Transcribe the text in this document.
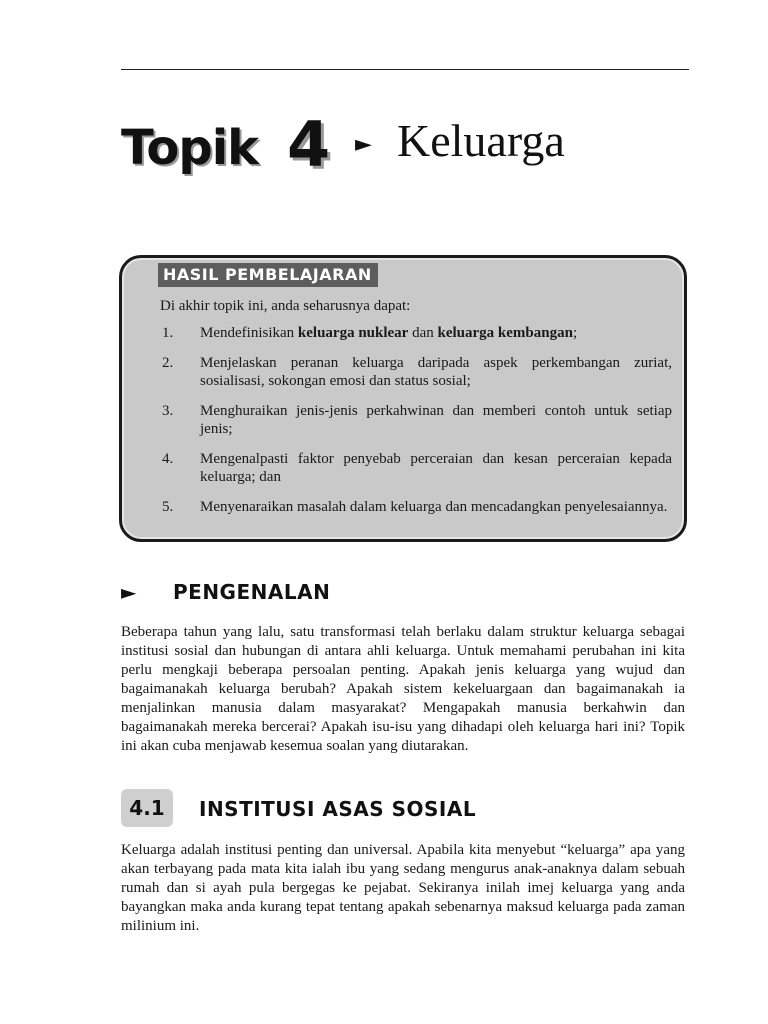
Topik 4 ► Keluarga
HASIL PEMBELAJARAN
Di akhir topik ini, anda seharusnya dapat:
1. Mendefinisikan keluarga nuklear dan keluarga kembangan;
2. Menjelaskan peranan keluarga daripada aspek perkembangan zuriat, sosialisasi, sokongan emosi dan status sosial;
3. Menghuraikan jenis-jenis perkahwinan dan memberi contoh untuk setiap jenis;
4. Mengenalpasti faktor penyebab perceraian dan kesan perceraian kepada keluarga; dan
5. Menyenaraikan masalah dalam keluarga dan mencadangkan penyelesaiannya.
► PENGENALAN

Beberapa tahun yang lalu, satu transformasi telah berlaku dalam struktur keluarga sebagai institusi sosial dan hubungan di antara ahli keluarga. Untuk memahami perubahan ini kita perlu mengkaji beberapa persoalan penting. Apakah jenis keluarga yang wujud dan bagaimanakah keluarga berubah? Apakah sistem kekeluargaan dan bagaimanakah ia menjalinkan manusia dalam masyarakat? Mengapakah manusia berkahwin dan bagaimanakah mereka bercerai? Apakah isu-isu yang dihadapi oleh keluarga hari ini? Topik ini akan cuba menjawab kesemua soalan yang diutarakan.

4.1	INSTITUSI ASAS SOSIAL

Keluarga adalah institusi penting dan universal. Apabila kita menyebut “keluarga” apa yang akan terbayang pada mata kita ialah ibu yang sedang mengurus anak-anaknya dalam sebuah rumah dan si ayah pula bergegas ke pejabat. Sekiranya inilah imej keluarga yang anda bayangkan maka anda kurang tepat tentang apakah sebenarnya maksud keluarga pada zaman milinium ini.
